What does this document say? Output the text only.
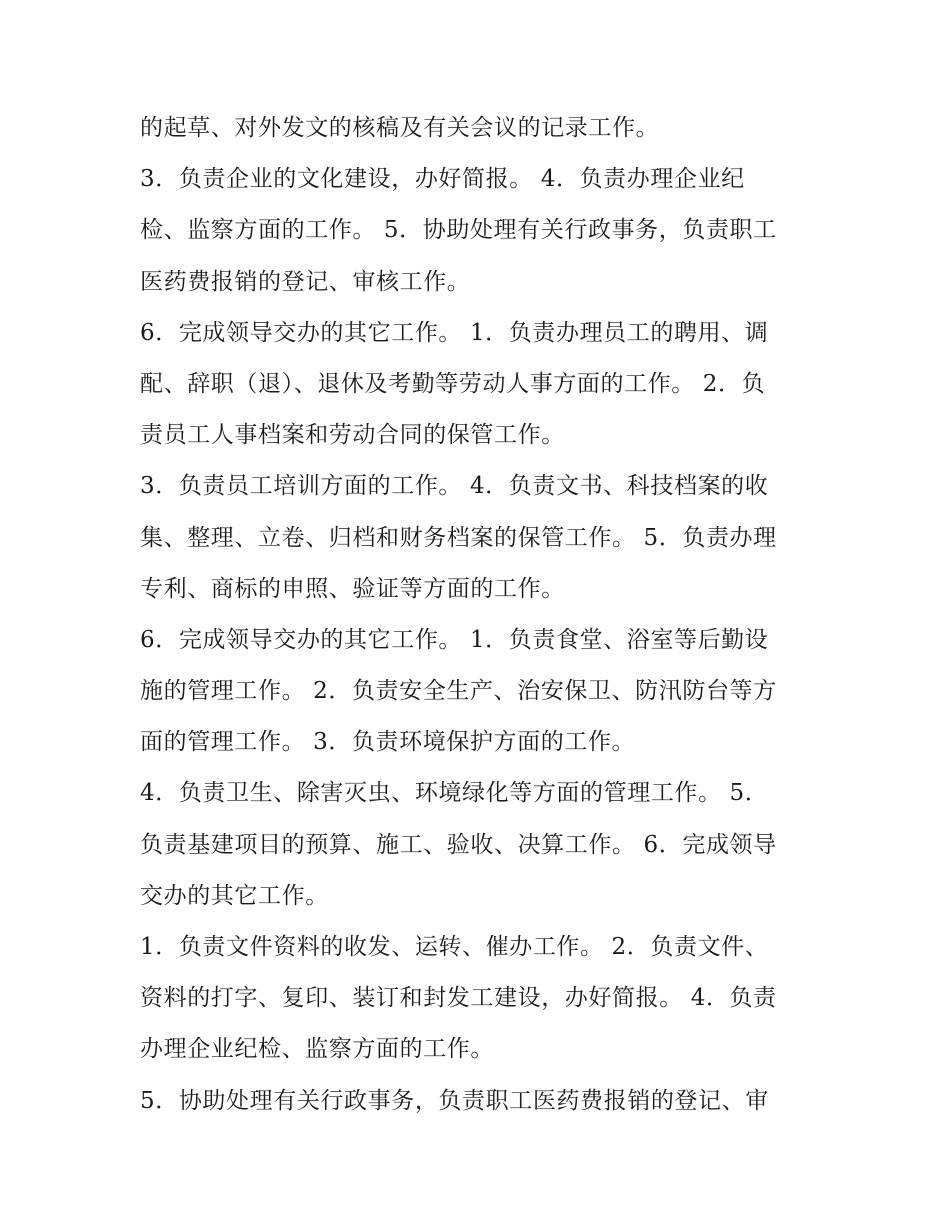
的起草、对外发文的核稿及有关会议的记录工作。
3．负责企业的文化建设，办好简报。 4．负责办理企业纪
检、监察方面的工作。 5．协助处理有关行政事务，负责职工
医药费报销的登记、审核工作。
6．完成领导交办的其它工作。 1．负责办理员工的聘用、调
配、辞职（退）、退休及考勤等劳动人事方面的工作。 2．负
责员工人事档案和劳动合同的保管工作。
3．负责员工培训方面的工作。 4．负责文书、科技档案的收
集、整理、立卷、归档和财务档案的保管工作。 5．负责办理
专利、商标的申照、验证等方面的工作。
6．完成领导交办的其它工作。 1．负责食堂、浴室等后勤设
施的管理工作。 2．负责安全生产、治安保卫、防汛防台等方
面的管理工作。 3．负责环境保护方面的工作。
4．负责卫生、除害灭虫、环境绿化等方面的管理工作。 5．
负责基建项目的预算、施工、验收、决算工作。 6．完成领导
交办的其它工作。
1．负责文件资料的收发、运转、催办工作。 2．负责文件、
资料的打字、复印、装订和封发工建设，办好简报。 4．负责
办理企业纪检、监察方面的工作。
5．协助处理有关行政事务，负责职工医药费报销的登记、审
